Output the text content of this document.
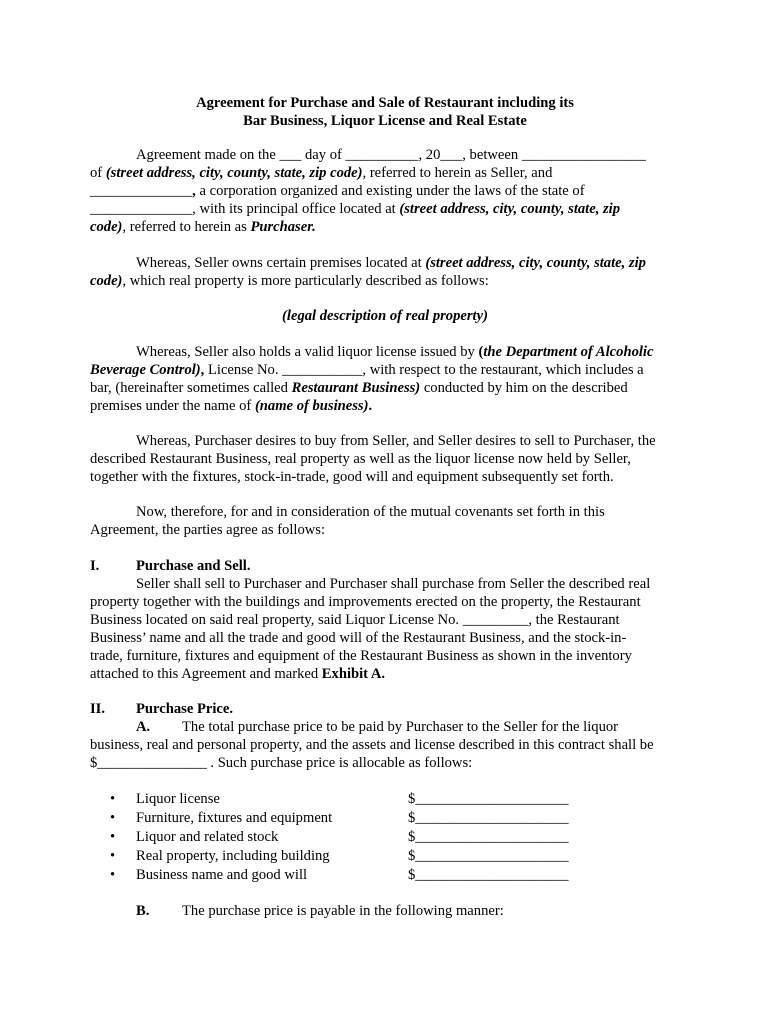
Agreement for Purchase and Sale of Restaurant including its
Bar Business, Liquor License and Real Estate
Agreement made on the ___ day of __________, 20___, between _________________
of (street address, city, county, state, zip code), referred to herein as Seller, and
______________, a corporation organized and existing under the laws of the state of
______________, with its principal office located at (street address, city, county, state, zip
code), referred to herein as Purchaser.
Whereas, Seller owns certain premises located at (street address, city, county, state, zip
code), which real property is more particularly described as follows:
(legal description of real property)
Whereas, Seller also holds a valid liquor license issued by (the Department of Alcoholic
Beverage Control), License No. ___________, with respect to the restaurant, which includes a
bar, (hereinafter sometimes called Restaurant Business) conducted by him on the described
premises under the name of (name of business).
Whereas, Purchaser desires to buy from Seller, and Seller desires to sell to Purchaser, the
described Restaurant Business, real property as well as the liquor license now held by Seller,
together with the fixtures, stock-in-trade, good will and equipment subsequently set forth.
Now, therefore, for and in consideration of the mutual covenants set forth in this
Agreement, the parties agree as follows:
I.	Purchase and Sell.
Seller shall sell to Purchaser and Purchaser shall purchase from Seller the described real
property together with the buildings and improvements erected on the property, the Restaurant
Business located on said real property, said Liquor License No. _________, the Restaurant
Business’ name and all the trade and good will of the Restaurant Business, and the stock-in-
trade, furniture, fixtures and equipment of the Restaurant Business as shown in the inventory
attached to this Agreement and marked Exhibit A.
II.	Purchase Price.
A.	The total purchase price to be paid by Purchaser to the Seller for the liquor
business, real and personal property, and the assets and license described in this contract shall be
$_______________ . Such purchase price is allocable as follows:
• Liquor license	$_____________________
• Furniture, fixtures and equipment	$_____________________
• Liquor and related stock	$_____________________
• Real property, including building	$_____________________
• Business name and good will	$_____________________
B.	The purchase price is payable in the following manner:
